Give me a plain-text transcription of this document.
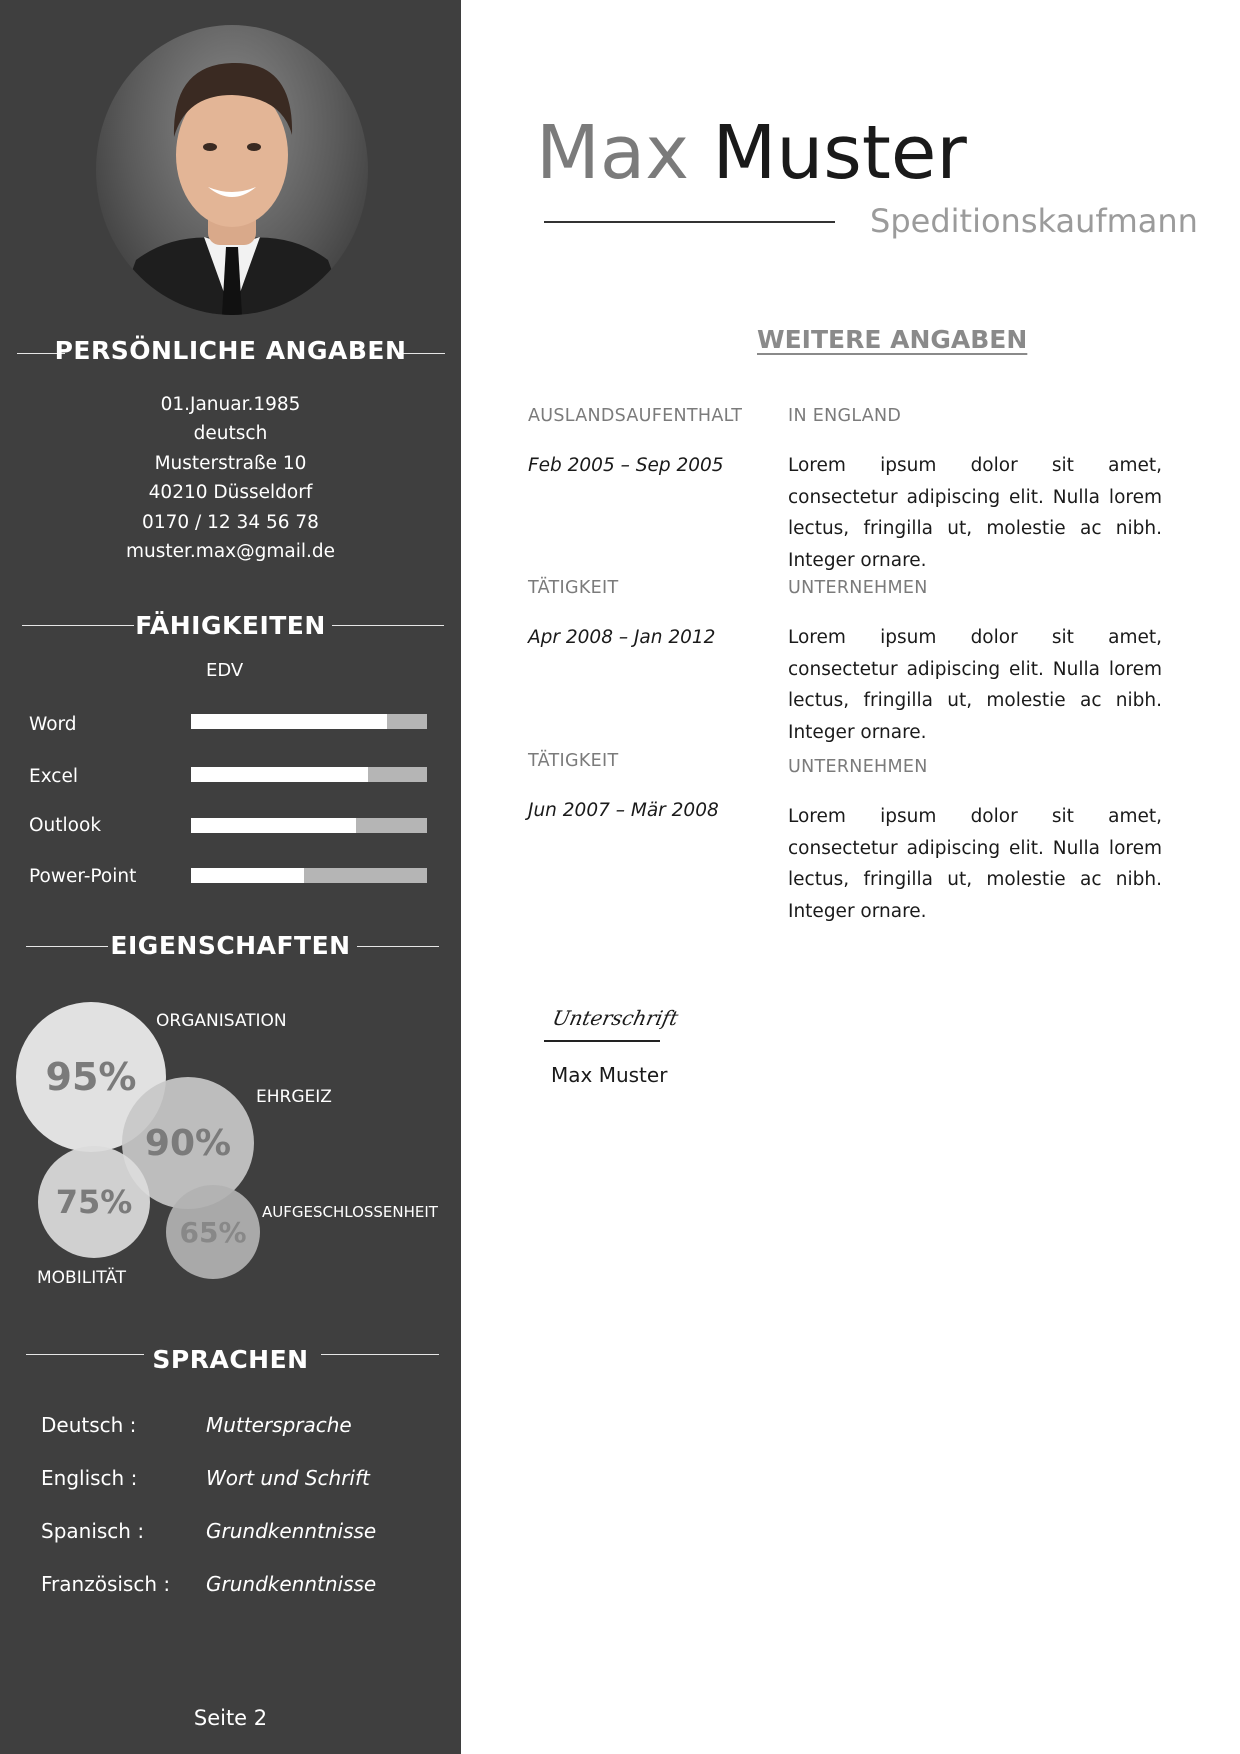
PERSÖNLICHE ANGABEN
01.Januar.1985
deutsch
Musterstraße 10
40210 Düsseldorf
0170 / 12 34 56 78
muster.max@gmail.de
FÄHIGKEITEN
EDV
Word
Excel
Outlook
Power-Point
EIGENSCHAFTEN
95%
90%
75%
65%
ORGANISATION
EHRGEIZ
MOBILITÄT
AUFGESCHLOSSENHEIT
SPRACHEN
Deutsch :	Muttersprache
Englisch :	Wort und Schrift
Spanisch :	Grundkenntnisse
Französisch : Grundkenntnisse
Seite 2
Max Muster
Speditionskaufmann
WEITERE ANGABEN
AUSLANDSAUFENTHALT	IN ENGLAND
Feb 2005 – Sep 2005	Lorem ipsum dolor sit amet, consectetur adipiscing elit. Nulla lorem lectus, fringilla ut, molestie ac nibh. Integer ornare.
TÄTIGKEIT	UNTERNEHMEN
Apr 2008 – Jan 2012	Lorem ipsum dolor sit amet, consectetur adipiscing elit. Nulla lorem lectus, fringilla ut, molestie ac nibh. Integer ornare.
TÄTIGKEIT	UNTERNEHMEN
Jun 2007 – Mär 2008	Lorem ipsum dolor sit amet, consectetur adipiscing elit. Nulla lorem lectus, fringilla ut, molestie ac nibh. Integer ornare.
Unterschrift
Max Muster
